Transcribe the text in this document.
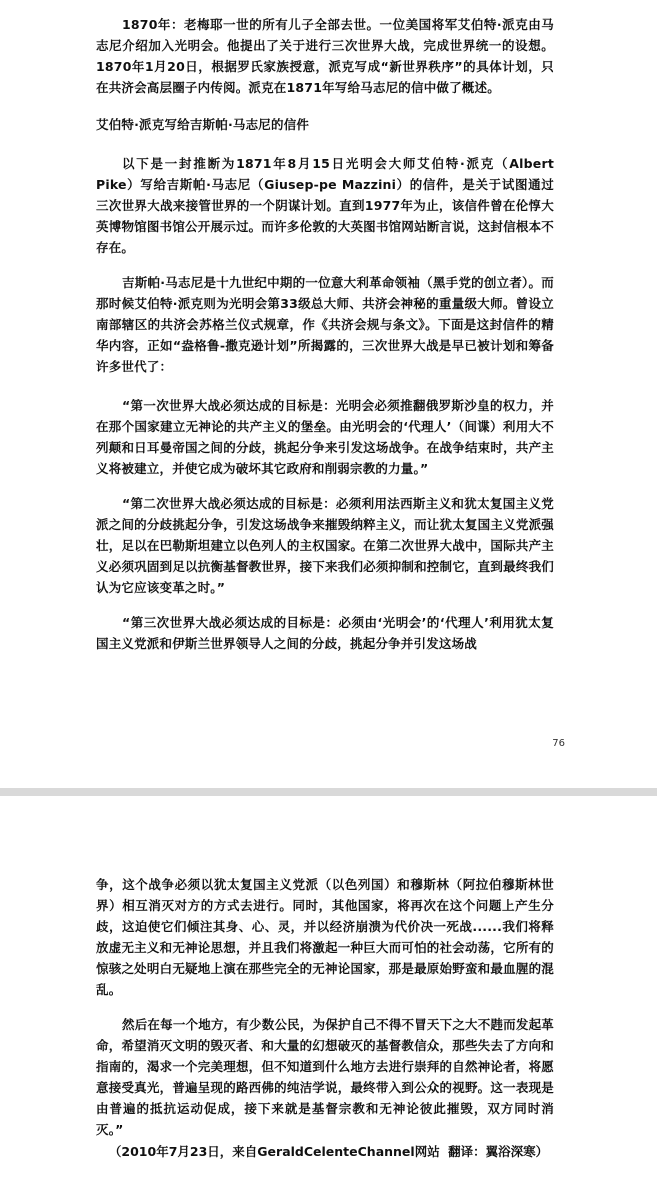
1870年：老梅耶一世的所有儿子全部去世。一位美国将军艾伯特·派克由马志尼介绍加入光明会。他提出了关于进行三次世界大战，完成世界统一的设想。1870年1月20日，根据罗氏家族授意，派克写成“新世界秩序”的具体计划，只在共济会高层圈子内传阅。派克在1871年写给马志尼的信中做了概述。

艾伯特·派克写给吉斯帕·马志尼的信件

以下是一封推断为1871年8月15日光明会大师艾伯特·派克（Albert Pike）写给吉斯帕·马志尼（Giusep-pe Mazzini）的信件，是关于试图通过三次世界大战来接管世界的一个阴谋计划。直到1977年为止，该信件曾在伦惇大英博物馆图书馆公开展示过。而许多伦敦的大英图书馆网站断言说，这封信根本不存在。

吉斯帕·马志尼是十九世纪中期的一位意大利革命领袖（黑手党的创立者）。而那时候艾伯特·派克则为光明会第33级总大师、共济会神秘的重量级大师。曾设立南部辖区的共济会苏格兰仪式规章，作《共济会规与条文》。下面是这封信件的精华内容，正如“盎格鲁-撒克逊计划”所揭露的，三次世界大战是早已被计划和筹备许多世代了：

“第一次世界大战必须达成的目标是：光明会必须推翻俄罗斯沙皇的权力，并在那个国家建立无神论的共产主义的堡垒。由光明会的‘代理人’（间谍）利用大不列颠和日耳曼帝国之间的分歧，挑起分争来引发这场战争。在战争结束时，共产主义将被建立，并使它成为破坏其它政府和削弱宗教的力量。”

“第二次世界大战必须达成的目标是：必须利用法西斯主义和犹太复国主义党派之间的分歧挑起分争，引发这场战争来摧毁纳粹主义，而让犹太复国主义党派强壮，足以在巴勒斯坦建立以色列人的主权国家。在第二次世界大战中，国际共产主义必须巩固到足以抗衡基督教世界，接下来我们必须抑制和控制它，直到最终我们认为它应该变革之时。”

“第三次世界大战必须达成的目标是：必须由‘光明会’的‘代理人’利用犹太复国主义党派和伊斯兰世界领导人之间的分歧，挑起分争并引发这场战

76

争，这个战争必须以犹太复国主义党派（以色列国）和穆斯林（阿拉伯穆斯林世界）相互消灭对方的方式去进行。同时，其他国家，将再次在这个问题上产生分歧，这迫使它们倾注其身、心、灵，并以经济崩溃为代价决一死战......我们将释放虚无主义和无神论思想，并且我们将激起一种巨大而可怕的社会动荡，它所有的惊骇之处明白无疑地上演在那些完全的无神论国家，那是最原始野蛮和最血腥的混乱。

然后在每一个地方，有少数公民，为保护自己不得不冒天下之大不韪而发起革命，希望消灭文明的毁灭者、和大量的幻想破灭的基督教信众，那些失去了方向和指南的，渴求一个完美理想，但不知道到什么地方去进行崇拜的自然神论者，将愿意接受真光，普遍呈现的路西佛的纯洁学说，最终带入到公众的视野。这一表现是由普遍的抵抗运动促成，接下来就是基督宗教和无神论彼此摧毁，双方同时消灭。”

（2010年7月23日，来自GeraldCelenteChannel网站 翻译：翼浴深寒）
